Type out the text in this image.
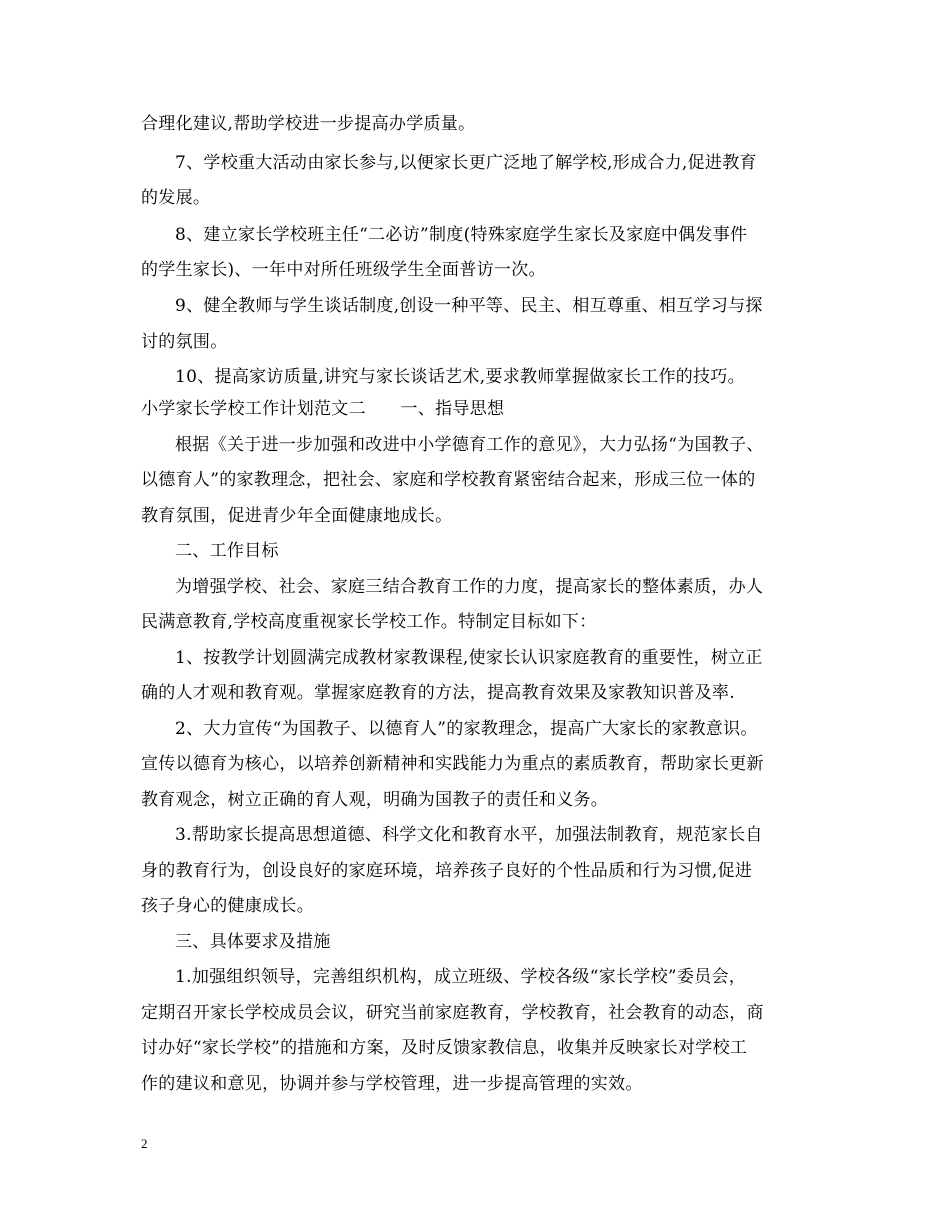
合理化建议,帮助学校进一步提高办学质量。
7、学校重大活动由家长参与,以便家长更广泛地了解学校,形成合力,促进教育
的发展。
8、建立家长学校班主任“二必访”制度(特殊家庭学生家长及家庭中偶发事件
的学生家长)、一年中对所任班级学生全面普访一次。
9、健全教师与学生谈话制度,创设一种平等、民主、相互尊重、相互学习与探
讨的氛围。
10、提高家访质量,讲究与家长谈话艺术,要求教师掌握做家长工作的技巧。
小学家长学校工作计划范文二　　一、指导思想
根据《关于进一步加强和改进中小学德育工作的意见》，大力弘扬“为国教子、
以德育人”的家教理念，把社会、家庭和学校教育紧密结合起来，形成三位一体的
教育氛围，促进青少年全面健康地成长。
二、工作目标
为增强学校、社会、家庭三结合教育工作的力度，提高家长的整体素质，办人
民满意教育,学校高度重视家长学校工作。特制定目标如下：
1、按教学计划圆满完成教材家教课程,使家长认识家庭教育的重要性，树立正
确的人才观和教育观。掌握家庭教育的方法，提高教育效果及家教知识普及率.
2、大力宣传“为国教子、以德育人”的家教理念，提高广大家长的家教意识。
宣传以德育为核心，以培养创新精神和实践能力为重点的素质教育，帮助家长更新
教育观念，树立正确的育人观，明确为国教子的责任和义务。
3.帮助家长提高思想道德、科学文化和教育水平，加强法制教育，规范家长自
身的教育行为，创设良好的家庭环境，培养孩子良好的个性品质和行为习惯,促进
孩子身心的健康成长。
三、具体要求及措施
1.加强组织领导，完善组织机构，成立班级、学校各级“家长学校”委员会，
定期召开家长学校成员会议，研究当前家庭教育，学校教育，社会教育的动态，商
讨办好“家长学校”的措施和方案，及时反馈家教信息，收集并反映家长对学校工
作的建议和意见，协调并参与学校管理，进一步提高管理的实效。
2
